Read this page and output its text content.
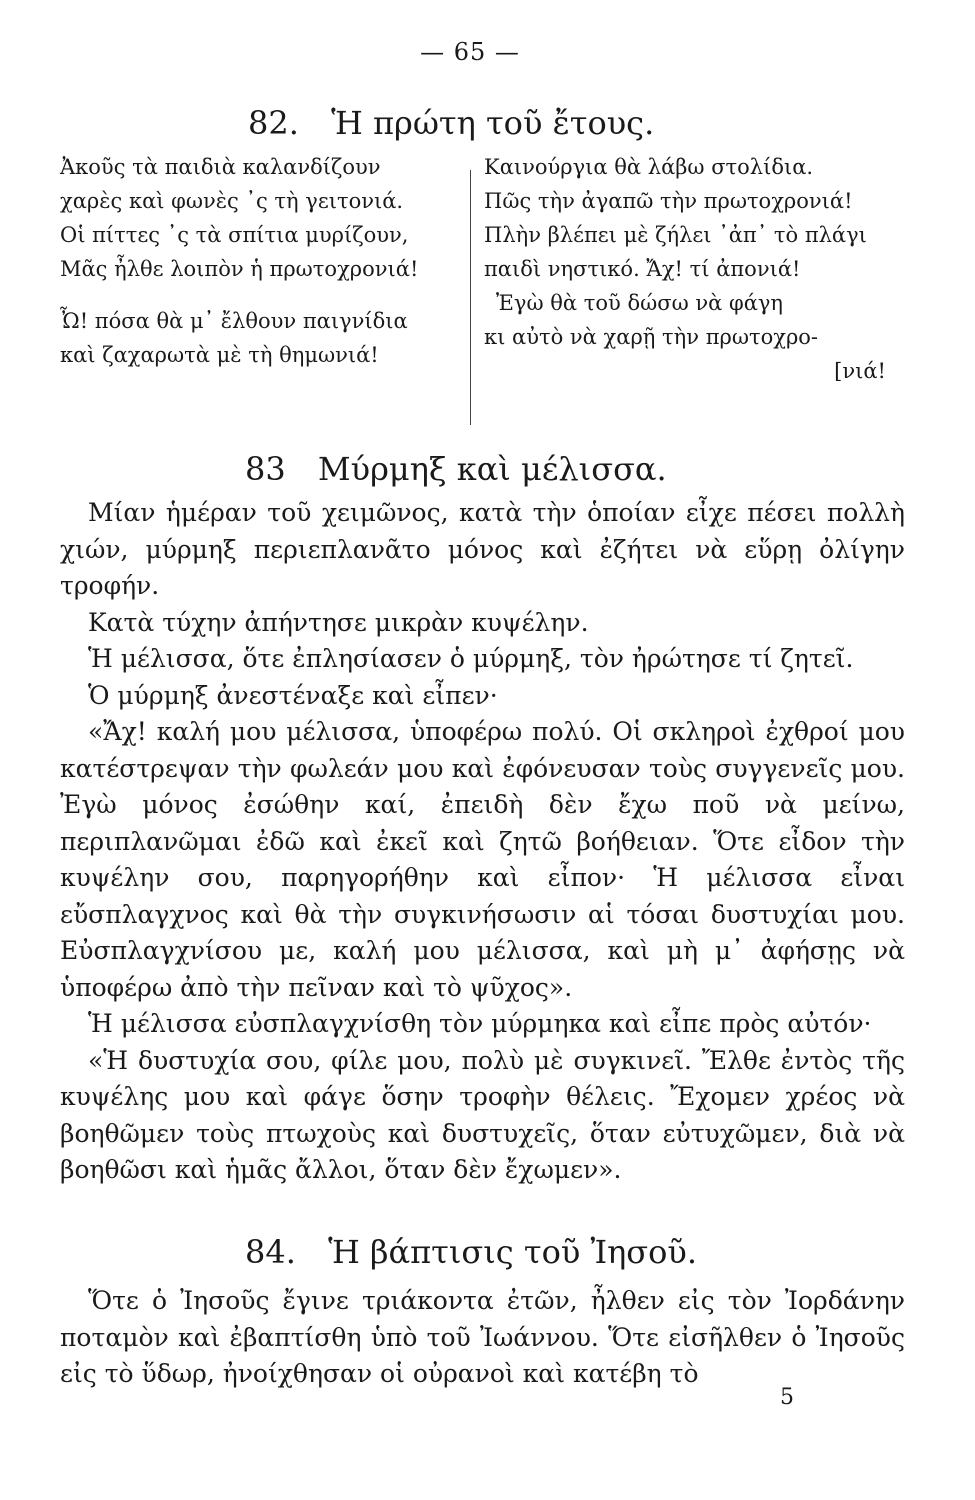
— 65 —
82. Ἡ πρώτη τοῦ ἔτους.
Ἀκοῦς τὰ παιδιὰ καλανδίζουν
χαρὲς καὶ φωνὲς ᾽ς τὴ γειτονιά.
Οἱ πίττες ᾽ς τὰ σπίτια μυρίζουν,
Μᾶς ἦλθε λοιπὸν ἡ πρωτοχρονιά!
Ὦ! πόσα θὰ μ᾽ ἔλθουν παιγνίδια
καὶ ζαχαρωτὰ μὲ τὴ θημωνιά!
Καινούργια θὰ λάβω στολίδια.
Πῶς τὴν ἀγαπῶ τὴν πρωτοχρονιά!
Πλὴν βλέπει μὲ ζήλει ᾽ἀπ᾽ τὸ πλάγι
παιδὶ νηστικό. Ἄχ! τί ἀπονιά!
Ἐγὼ θὰ τοῦ δώσω νὰ φάγη
κι αὐτὸ νὰ χαρῇ τὴν πρωτοχρο-
[νιά!
83 Μύρμηξ καὶ μέλισσα.

Μίαν ἡμέραν τοῦ χειμῶνος, κατὰ τὴν ὁποίαν εἶχε πέσει πολλὴ χιών, μύρμηξ περιεπλανᾶτο μόνος καὶ ἐζήτει νὰ εὕρῃ ὀλίγην τροφήν.

Κατὰ τύχην ἀπήντησε μικρὰν κυψέλην.

Ἡ μέλισσα, ὅτε ἐπλησίασεν ὁ μύρμηξ, τὸν ἠρώτησε τί ζητεῖ.

Ὁ μύρμηξ ἀνεστέναξε καὶ εἶπεν·

«Ἄχ! καλή μου μέλισσα, ὑποφέρω πολύ. Οἱ σκληροὶ ἐχθροί μου κατέστρεψαν τὴν φωλεάν μου καὶ ἐφόνευσαν τοὺς συγγενεῖς μου. Ἐγὼ μόνος ἐσώθην καί, ἐπειδὴ δὲν ἔχω ποῦ νὰ μείνω, περιπλανῶμαι ἐδῶ καὶ ἐκεῖ καὶ ζητῶ βοήθειαν. Ὅτε εἶδον τὴν κυψέλην σου, παρηγορήθην καὶ εἶπον· Ἡ μέλισσα εἶναι εὔσπλαγχνος καὶ θὰ τὴν συγκινήσωσιν αἱ τόσαι δυστυχίαι μου. Εὐσπλαγχνίσου με, καλή μου μέλισσα, καὶ μὴ μ᾽ ἀφήσῃς νὰ ὑποφέρω ἀπὸ τὴν πεῖναν καὶ τὸ ψῦχος».

Ἡ μέλισσα εὐσπλαγχνίσθη τὸν μύρμηκα καὶ εἶπε πρὸς αὐτόν·

«Ἡ δυστυχία σου, φίλε μου, πολὺ μὲ συγκινεῖ. Ἔλθε ἐντὸς τῆς κυψέλης μου καὶ φάγε ὅσην τροφὴν θέλεις. Ἔχομεν χρέος νὰ βοηθῶμεν τοὺς πτωχοὺς καὶ δυστυχεῖς, ὅταν εὐτυχῶμεν, διὰ νὰ βοηθῶσι καὶ ἡμᾶς ἄλλοι, ὅταν δὲν ἔχωμεν».

84. Ἡ βάπτισις τοῦ Ἰησοῦ.

Ὅτε ὁ Ἰησοῦς ἔγινε τριάκοντα ἐτῶν, ἦλθεν εἰς τὸν Ἰορδάνην ποταμὸν καὶ ἐβαπτίσθη ὑπὸ τοῦ Ἰωάννου. Ὅτε εἰσῆλθεν ὁ Ἰησοῦς εἰς τὸ ὕδωρ, ἠνοίχθησαν οἱ οὐρανοὶ καὶ κατέβη τὸ

5
